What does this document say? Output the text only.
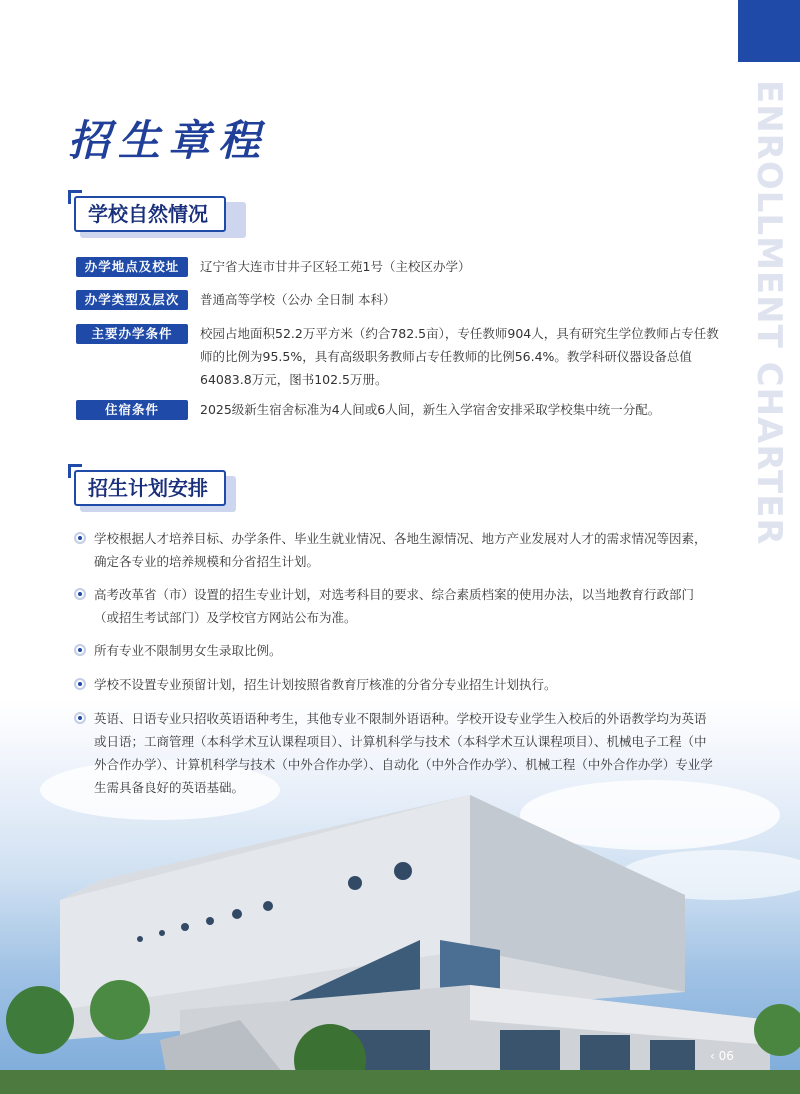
ENROLLMENT CHARTER
招生章程
学校自然情况
办学地点及校址	辽宁省大连市甘井子区轻工苑1号（主校区办学）
办学类型及层次	普通高等学校（公办 全日制 本科）
主要办学条件	校园占地面积52.2万平方米（约合782.5亩），专任教师904人，具有研究生学位教师占专任教师的比例为95.5%，具有高级职务教师占专任教师的比例56.4%。教学科研仪器设备总值64083.8万元，图书102.5万册。
住宿条件	2025级新生宿舍标准为4人间或6人间，新生入学宿舍安排采取学校集中统一分配。
招生计划安排
学校根据人才培养目标、办学条件、毕业生就业情况、各地生源情况、地方产业发展对人才的需求情况等因素，确定各专业的培养规模和分省招生计划。
高考改革省（市）设置的招生专业计划，对选考科目的要求、综合素质档案的使用办法，以当地教育行政部门（或招生考试部门）及学校官方网站公布为准。
所有专业不限制男女生录取比例。
学校不设置专业预留计划，招生计划按照省教育厅核准的分省分专业招生计划执行。
英语、日语专业只招收英语语种考生，其他专业不限制外语语种。学校开设专业学生入校后的外语教学均为英语或日语；工商管理（本科学术互认课程项目）、计算机科学与技术（本科学术互认课程项目）、机械电子工程（中外合作办学）、计算机科学与技术（中外合作办学）、自动化（中外合作办学）、机械工程（中外合作办学）专业学生需具备良好的英语基础。
‹ 06
